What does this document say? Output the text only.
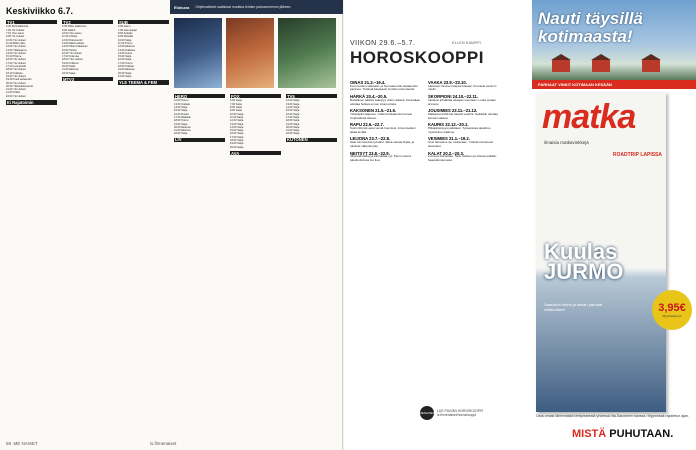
Keskiviikko 6.7.	Elokuva Ohjelmatiedot saattavat muuttua lehden painoonmenon jälkeen.
TV1
6.20 Ryhmäliikunta
7.00 Yle Uutiset
7.10 Ylen aamu
9.00 Yle Uutiset
10.00 Yle Uutiset
11.20 Mikä mikä
12.00 Yle Uutiset
13.00 Ykkösaamu
14.00 Yle Uutiset
15.10 Prisma
16.00 Yle Uutiset
17.00 Yle Uutiset
17.10 Luontoretki
18.00 Yle Uutiset
18.10 Kotikatu
19.00 Yle Uutiset
19.20 Puoli seitsemän
20.00 Yle Uutiset
20.30 Ykkösdokumentti
21.00 Yle Uutiset
21.05 Poliisi
22.00 Yle Uutiset
Ei Rajatoimin
TV2
6.00 Pikku Kakkonen
8.00 Galleri
10.00 Ylen aamu
11.00 Urheilu
12.00 Dokumentti
13.00 Elävä arkisto
14.00 Pikku Kakkonen
15.00 Tanssi
16.00 Yle Uutiset
17.00 Kotimaa
18.00 Ylen uutiset
19.00 Kulttuuri
20.00 Taide
21.00 Elokuva
22.00 Sarja
MTV3
SUB
6.00 Aamu
7.00 Aamusarjat
8.00 Kotitalo
9.00 Musiikki
10.00 Sarja
11.00 Tosi-tv
12.00 Elokuva
13.00 Kokkaus
14.00 Huuto
15.00 Sarja
16.00 Sarja
17.00 Tosi-tv
18.00 Kotitalo
19.00 Elokuva
20.00 Sarja
21.00 Sarja
YLE TEEMA & FEM
HERO
12.00 Tosi-tv
13.00 Kotitalo
14.00 Sarja
15.00 Sarja
16.00 Ruoka
17.00 Matkailu
18.00 Tosi-tv
19.00 Sarja
20.00 Elokuva
21.00 Elokuva
22.00 Sarja
LIV
FOX
6.00 Sarja
7.00 Sarja
8.00 Sarja
9.00 Sarja
10.00 Sarja
11.00 Sarja
12.00 Sarja
13.00 Sarja
14.00 Sarja
15.00 Sarja
16.00 Sarja
17.00 Sarja
18.00 Sarja
19.00 Sarja
20.00 Sarja
AVA
TV5
12.00 Sarja
13.00 Sarja
14.00 Sarja
15.00 Sarja
16.00 Sarja
17.00 Sarja
18.00 Sarja
19.00 Sarja
20.00 Sarja
21.00 Sarja
22.00 Sarja
KUTONEN
58 ME NAISET	is.fi/menaiset
VIIKON 29.6.–5.7.	ELLEN KAMPPI
HOROSKOOPPI
OINAS 21.3.–19.4.

Kommunikoi selkeästi, ja huomaat että vastaanotto paranee. Tuttavat kaipaavat sinulta uusia ideoita.

HÄRKÄ 20.4.–20.5.

Rahallinen päätös selkiytyy viikon aikana. Kannattaa odottaa hetkeä ennen sitoutumista.

KAKSONEN 21.5.–21.6.

Ystäväpiiri laajenee. Uudet kohtaamiset tuovat inspiraatiota arkeen.

RAPU 22.6.–22.7.

Kotiin liittyvät asiat vievät huomiosi. Anna itsellesi aikaa levätä.

LEIJONA 23.7.–22.8.

Saat tunnustusta työstäsi. Jatka samaa linjaa, ja tulokset näkyvät pian.

NEITSYT 23.8.–22.9.

Järjestelmällisyys kannattaa nyt. Pieni muutos päivärutiinissa tuo iloa.

VAAKA 23.9.–23.10.

Läheinen ihminen kaipaa tukeasi. Kuuntele avoimin mielin.

SKORPIONI 24.10.–22.11.

Intuitiosi johdattaa oikeaan suuntaan. Luota omaan arvioosi.

JOUSIMIES 23.11.–21.12.

Matkasuunnitelmat saavat vauhtia. Seikkailu odottaa kulman takana.

KAURIS 22.12.–20.1.

Pitkäjänteisyys palkitaan. Työasioissa tapahtuu myönteinen käänne.

VESIMIES 21.1.–19.2.

Uusi harrastus vie mukanaan. Ystävät innostuvat ideoistasi.

KALAT 20.2.–20.3.

Luovuus kukoistaa. Tartu hetkeen ja toteuta pitkään haaveilemasi asia.

MENAISET LUE PÄIVÄN HOROSKOOPPI
is.fi/menaiset/horoskooppi
Nauti täysillä kotimaasta!
PARHAAT VINKIT KOTIMAAN KESÄÄN
matka
ilmaisia matkavinkkejä
ROADTRIP LAPISSA
Kuulas JURMO
Saariston helmi ja kesän parhaat retkikohteet	3,95€
Myynnissä nyt
Osta omasi lähimmästä lehtipisteestä yhdessä Ilta-Sanomien kanssa. Myynnissä rajoitetun ajan.
MISTÄ PUHUTAAN.
